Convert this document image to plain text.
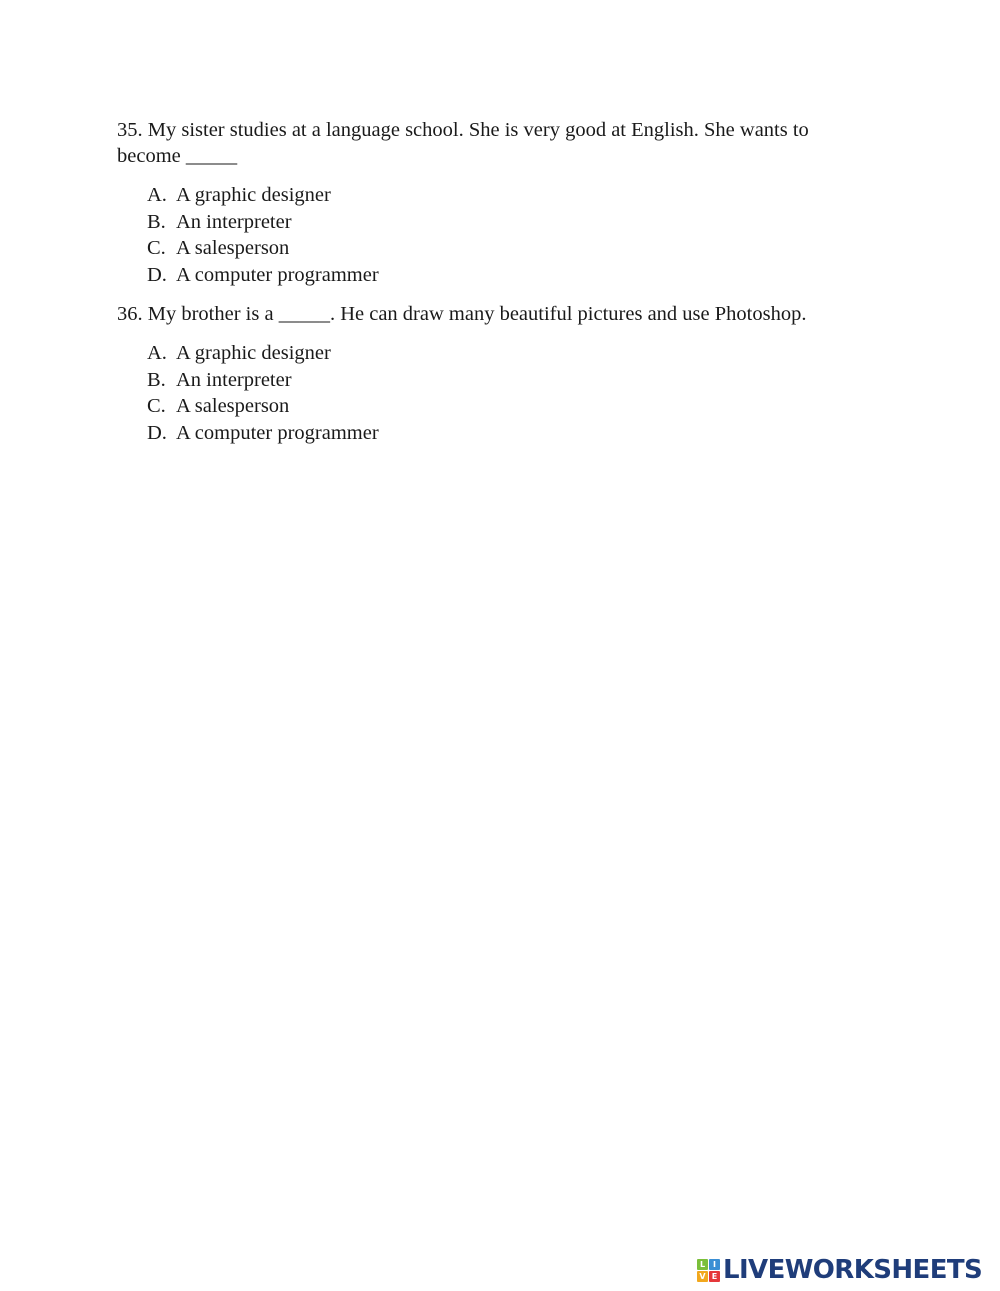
35. My sister studies at a language school. She is very good at English. She wants to become _____

A. A graphic designer
B. An interpreter
C. A salesperson
D. A computer programmer

36. My brother is a _____. He can draw many beautiful pictures and use Photoshop.

A. A graphic designer
B. An interpreter
C. A salesperson
D. A computer programmer
L I
V E LIVEWORKSHEETS
